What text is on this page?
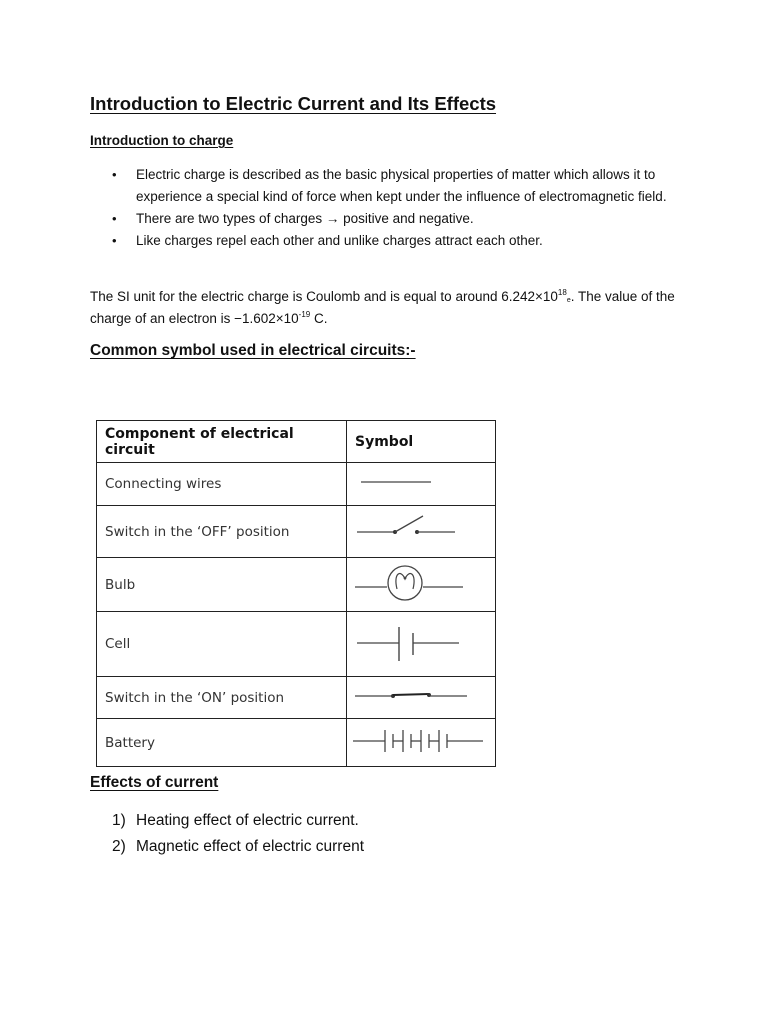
Introduction to Electric Current and Its Effects
Introduction to charge
• Electric charge is described as the basic physical properties of matter which allows it to experience a special kind of force when kept under the influence of electromagnetic field.
• There are two types of charges → positive and negative.
• Like charges repel each other and unlike charges attract each other.

The SI unit for the electric charge is Coulomb and is equal to around $6.242\times 10^{18}_e$. The value of the charge of an electron is $-1.602\times 10^{-19}$ C.

Common symbol used in electrical circuits:-
Component of electrical circuit	Symbol
Connecting wires	

Switch in the ‘OFF’ position	

Bulb	

Cell	

Switch in the ‘ON’ position	

Battery	
Effects of current
1) Heating effect of electric current.
2) Magnetic effect of electric current
